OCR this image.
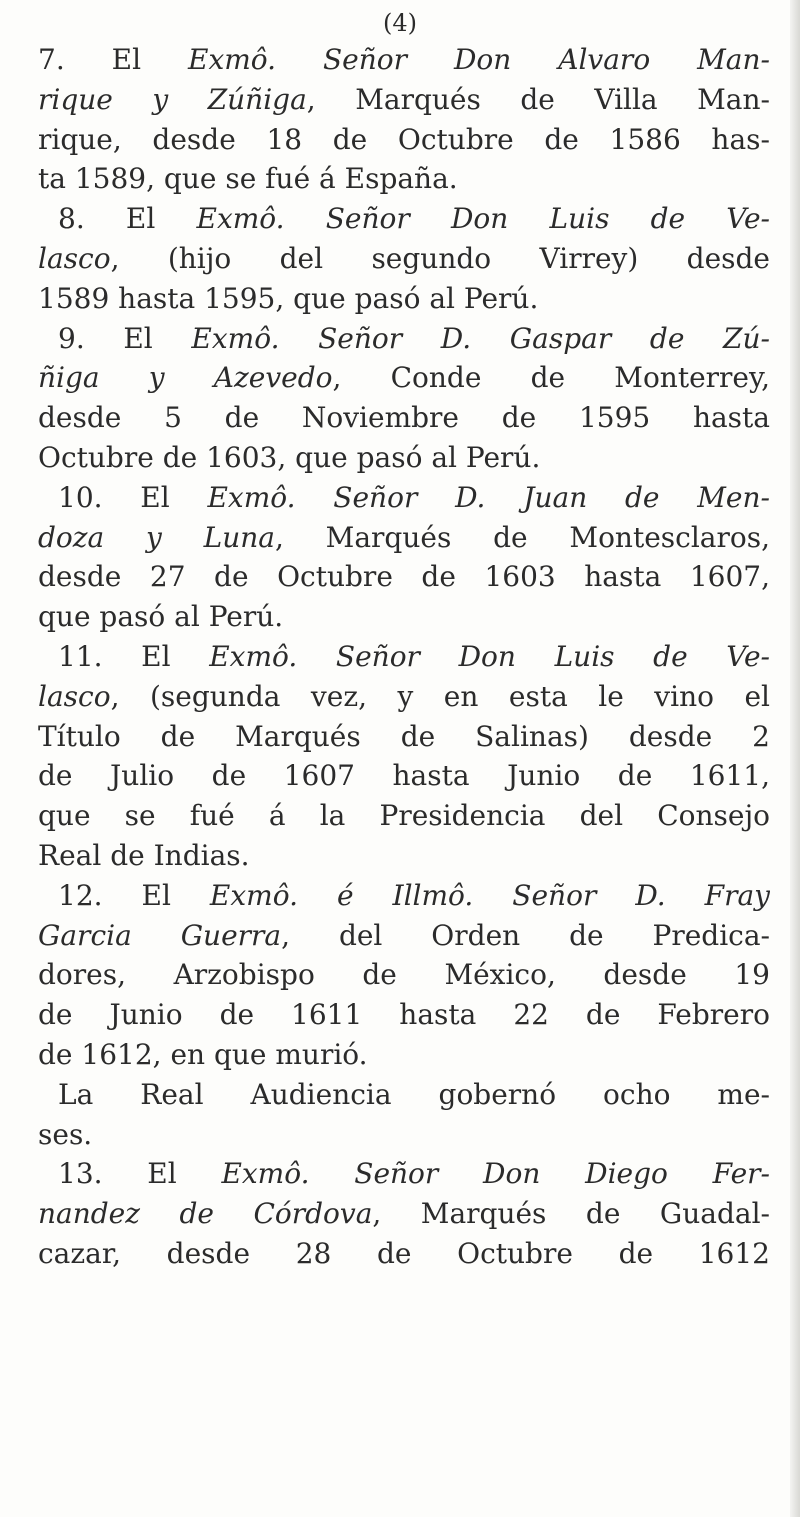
(4)
7. El Exmô. Señor Don Alvaro Man-
rique y Zúñiga, Marqués de Villa Man-
rique, desde 18 de Octubre de 1586 has-
ta 1589, que se fué á España.
8. El Exmô. Señor Don Luis de Ve-
lasco, (hijo del segundo Virrey) desde
1589 hasta 1595, que pasó al Perú.
9. El Exmô. Señor D. Gaspar de Zú-
ñiga y Azevedo, Conde de Monterrey,
desde 5 de Noviembre de 1595 hasta
Octubre de 1603, que pasó al Perú.
10. El Exmô. Señor D. Juan de Men-
doza y Luna, Marqués de Montesclaros,
desde 27 de Octubre de 1603 hasta 1607,
que pasó al Perú.
11. El Exmô. Señor Don Luis de Ve-
lasco, (segunda vez, y en esta le vino el
Título de Marqués de Salinas) desde 2
de Julio de 1607 hasta Junio de 1611,
que se fué á la Presidencia del Consejo
Real de Indias.
12. El Exmô. é Illmô. Señor D. Fray
Garcia Guerra, del Orden de Predica-
dores, Arzobispo de México, desde 19
de Junio de 1611 hasta 22 de Febrero
de 1612, en que murió.
La Real Audiencia gobernó ocho me-
ses.
13. El Exmô. Señor Don Diego Fer-
nandez de Córdova, Marqués de Guadal-
cazar, desde 28 de Octubre de 1612
